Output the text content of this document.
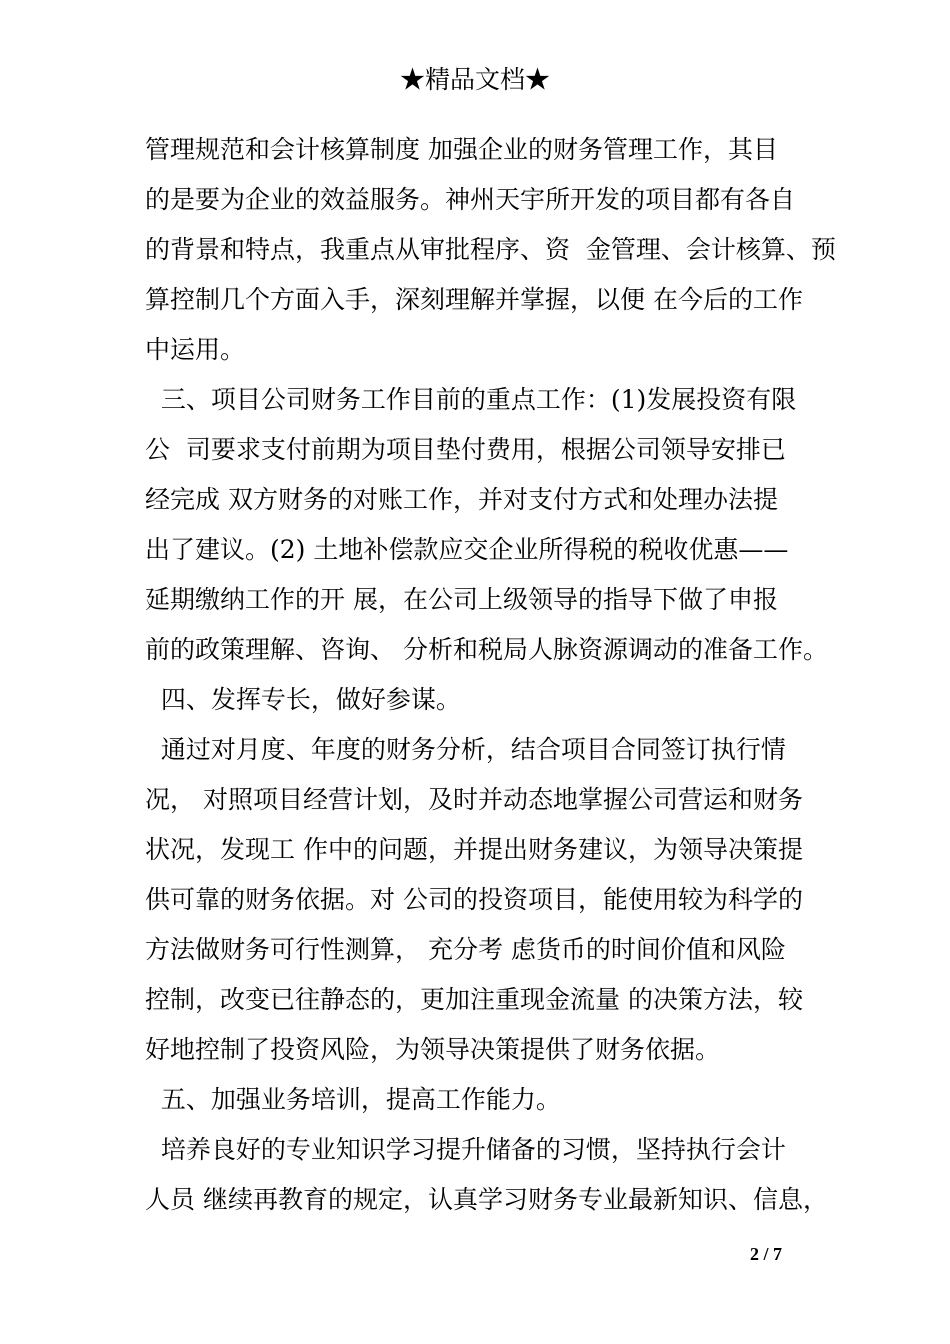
★精品文档★
管理规范和会计核算制度 加强企业的财务管理工作，其目
的是要为企业的效益服务。神州天宇所开发的项目都有各自
的背景和特点，我重点从审批程序、资  金管理、会计核算、预
算控制几个方面入手，深刻理解并掌握，以便 在今后的工作
中运用。
三、项目公司财务工作目前的重点工作：(1)发展投资有限
公  司要求支付前期为项目垫付费用，根据公司领导安排已
经完成 双方财务的对账工作，并对支付方式和处理办法提
出了建议。(2) 土地补偿款应交企业所得税的税收优惠——
延期缴纳工作的开 展，在公司上级领导的指导下做了申报
前的政策理解、咨询、 分析和税局人脉资源调动的准备工作。
四、发挥专长，做好参谋。
通过对月度、年度的财务分析，结合项目合同签订执行情
况， 对照项目经营计划，及时并动态地掌握公司营运和财务
状况，发现工 作中的问题，并提出财务建议，为领导决策提
供可靠的财务依据。对 公司的投资项目，能使用较为科学的
方法做财务可行性测算， 充分考 虑货币的时间价值和风险
控制，改变已往静态的，更加注重现金流量 的决策方法，较
好地控制了投资风险，为领导决策提供了财务依据。
五、加强业务培训，提高工作能力。
培养良好的专业知识学习提升储备的习惯，坚持执行会计
人员 继续再教育的规定，认真学习财务专业最新知识、信息，
2 / 7
